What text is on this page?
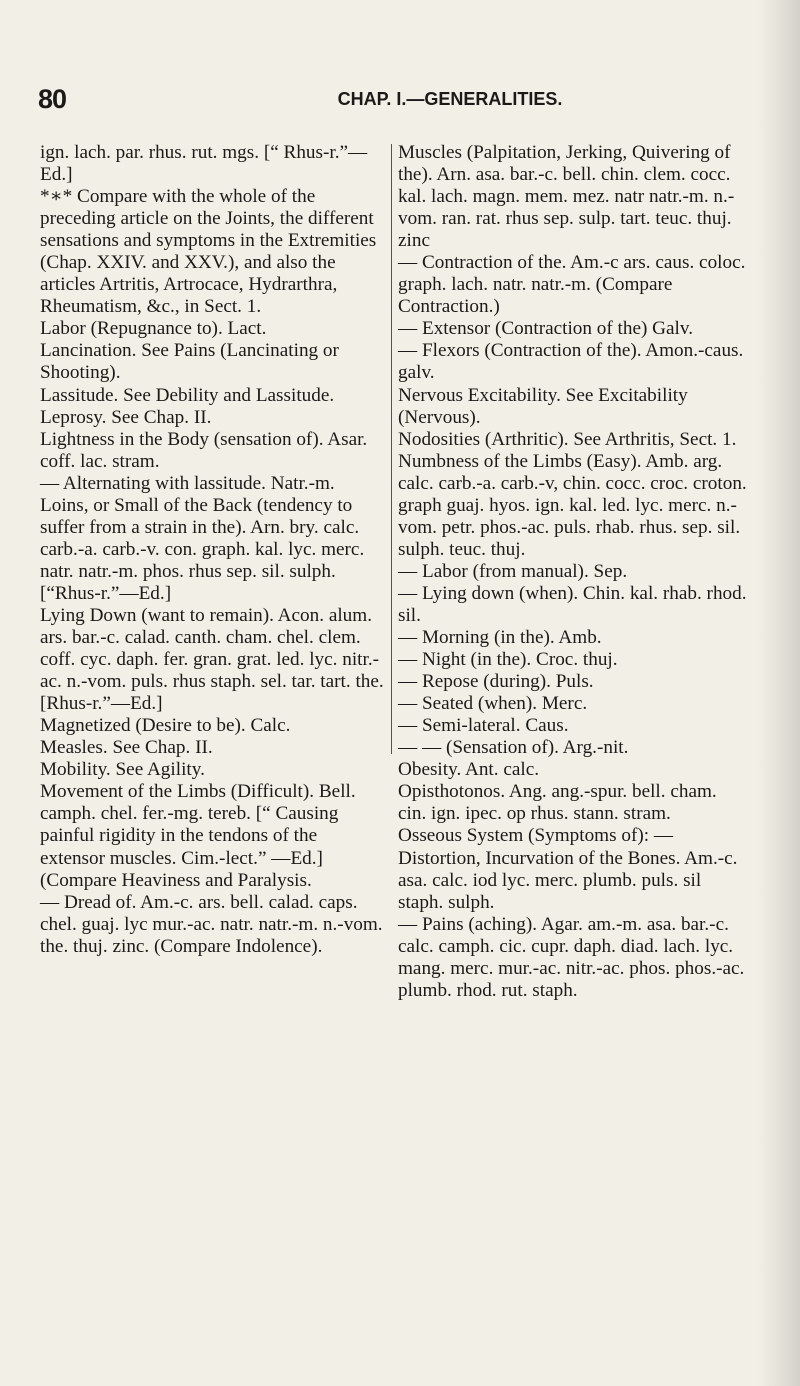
80	CHAP. I.—GENERALITIES.

ign. lach. par. rhus. rut. mgs. [“ Rhus-r.”—Ed.]

*∗* Compare with the whole of the preceding article on the Joints, the different sensations and symptoms in the Extremities (Chap. XXIV. and XXV.), and also the articles Artritis, Artrocace, Hydrarthra, Rheumatism, &c., in Sect. 1.

Labor (Repugnance to). Lact.

Lancination. See Pains (Lancinating or Shooting).

Lassitude. See Debility and Lassitude.

Leprosy. See Chap. II.

Lightness in the Body (sensation of). Asar. coff. lac. stram.

— Alternating with lassitude. Natr.-m.

Loins, or Small of the Back (tendency to suffer from a strain in the). Arn. bry. calc. carb.-a. carb.-v. con. graph. kal. lyc. merc. natr. natr.-m. phos. rhus sep. sil. sulph. [“Rhus-r.”—Ed.]

Lying Down (want to remain). Acon. alum. ars. bar.-c. calad. canth. cham. chel. clem. coff. cyc. daph. fer. gran. grat. led. lyc. nitr.-ac. n.-vom. puls. rhus staph. sel. tar. tart. the. [Rhus-r.”—Ed.]

Magnetized (Desire to be). Calc.

Measles. See Chap. II.

Mobility. See Agility.

Movement of the Limbs (Difficult). Bell. camph. chel. fer.-mg. tereb. [“ Causing painful rigidity in the tendons of the extensor muscles. Cim.-lect.” —Ed.] (Compare Heaviness and Paralysis.

— Dread of. Am.-c. ars. bell. calad. caps. chel. guaj. lyc mur.-ac. natr. natr.-m. n.-vom. the. thuj. zinc. (Compare Indolence).

Muscles (Palpitation, Jerking, Quivering of the). Arn. asa. bar.-c. bell. chin. clem. cocc. kal. lach. magn. mem. mez. natr natr.-m. n.-vom. ran. rat. rhus sep. sulp. tart. teuc. thuj. zinc

— Contraction of the. Am.-c ars. caus. coloc. graph. lach. natr. natr.-m. (Compare Contraction.)

— Extensor (Contraction of the) Galv.

— Flexors (Contraction of the). Amon.-caus. galv.

Nervous Excitability. See Excitability (Nervous).

Nodosities (Arthritic). See Arthritis, Sect. 1.

Numbness of the Limbs (Easy). Amb. arg. calc. carb.-a. carb.-v, chin. cocc. croc. croton. graph guaj. hyos. ign. kal. led. lyc. merc. n.-vom. petr. phos.-ac. puls. rhab. rhus. sep. sil. sulph. teuc. thuj.

— Labor (from manual). Sep.

— Lying down (when). Chin. kal. rhab. rhod. sil.

— Morning (in the). Amb.

— Night (in the). Croc. thuj.

— Repose (during). Puls.

— Seated (when). Merc.

— Semi-lateral. Caus.

— — (Sensation of). Arg.-nit.

Obesity. Ant. calc.

Opisthotonos. Ang. ang.-spur. bell. cham. cin. ign. ipec. op rhus. stann. stram.

Osseous System (Symptoms of): — Distortion, Incurvation of the Bones. Am.-c. asa. calc. iod lyc. merc. plumb. puls. sil staph. sulph.

— Pains (aching). Agar. am.-m. asa. bar.-c. calc. camph. cic. cupr. daph. diad. lach. lyc. mang. merc. mur.-ac. nitr.-ac. phos. phos.-ac. plumb. rhod. rut. staph.
